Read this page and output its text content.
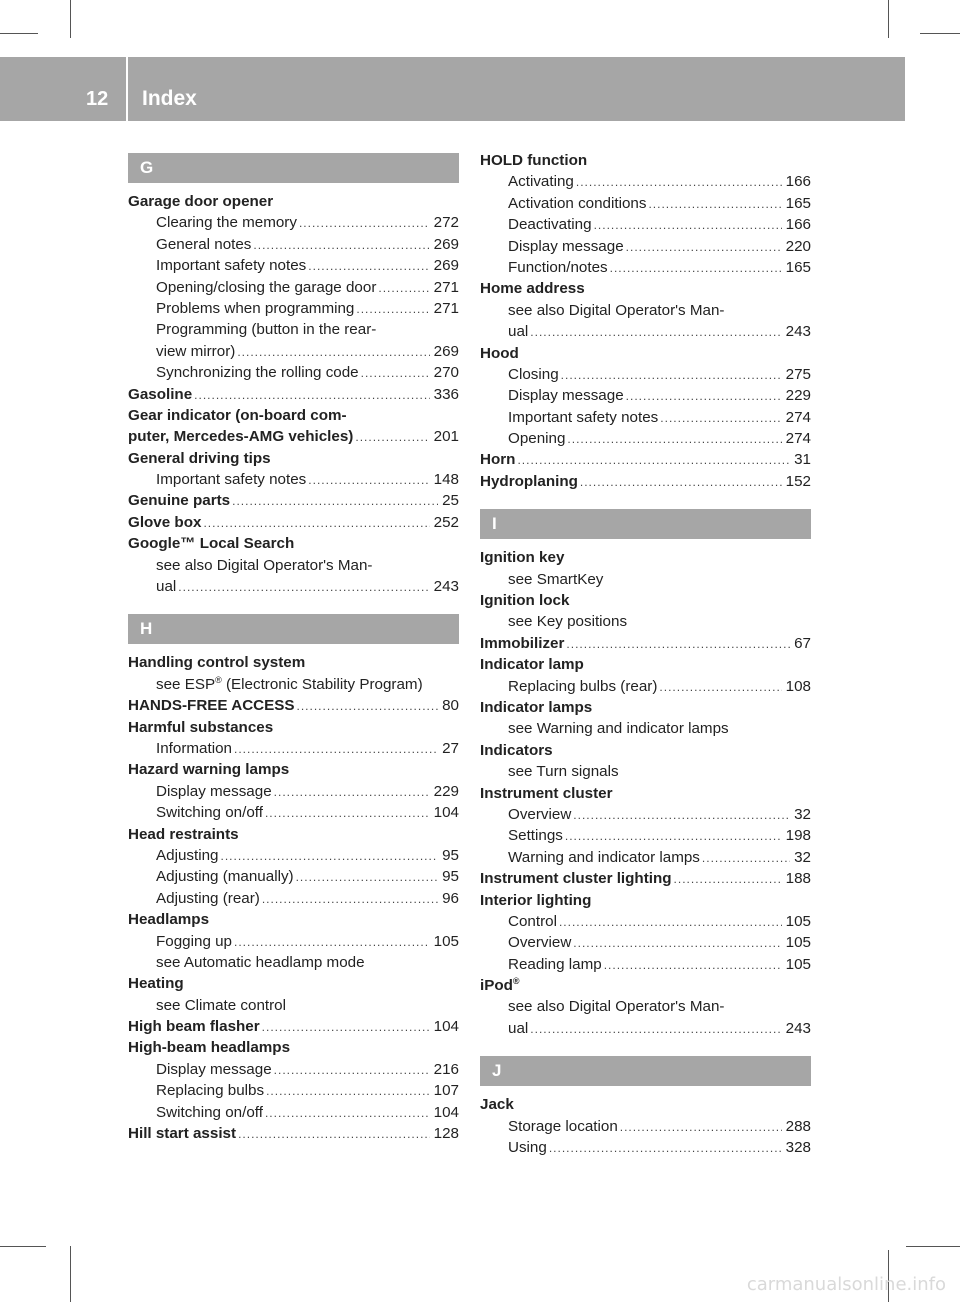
12 Index
G
Garage door opener
Clearing the memory .....	272
General notes .....	269
Important safety notes .....	269
Opening/closing the garage door .....	271
Problems when programming .....	271
Programming (button in the rear-
view mirror) .....	269
Synchronizing the rolling code .....	270
Gasoline .....	336
Gear indicator (on-board com-
puter, Mercedes-AMG vehicles) .....	201
General driving tips
Important safety notes .....	148
Genuine parts .....	25
Glove box .....	252
Google™ Local Search
see also Digital Operator's Man-
ual .....	243
H
Handling control system
see ESP® (Electronic Stability Program)
HANDS-FREE ACCESS .....	80
Harmful substances
Information .....	27
Hazard warning lamps
Display message .....	229
Switching on/off .....	104
Head restraints
Adjusting .....	95
Adjusting (manually) .....	95
Adjusting (rear) .....	96
Headlamps
Fogging up .....	105
see Automatic headlamp mode
Heating
see Climate control
High beam flasher .....	104
High-beam headlamps
Display message .....	216
Replacing bulbs .....	107
Switching on/off .....	104
Hill start assist .....	128
HOLD function
Activating .....	166
Activation conditions .....	165
Deactivating .....	166
Display message .....	220
Function/notes .....	165
Home address
see also Digital Operator's Man-
ual .....	243
Hood
Closing .....	275
Display message .....	229
Important safety notes .....	274
Opening .....	274
Horn .....	31
Hydroplaning .....	152
I
Ignition key
see SmartKey
Ignition lock
see Key positions
Immobilizer .....	67
Indicator lamp
Replacing bulbs (rear) .....	108
Indicator lamps
see Warning and indicator lamps
Indicators
see Turn signals
Instrument cluster
Overview .....	32
Settings .....	198
Warning and indicator lamps .....	32
Instrument cluster lighting .....	188
Interior lighting
Control .....	105
Overview .....	105
Reading lamp .....	105
iPod®
see also Digital Operator's Man-
ual .....	243
J
Jack
Storage location .....	288
Using .....	328
carmanualsonline.info
